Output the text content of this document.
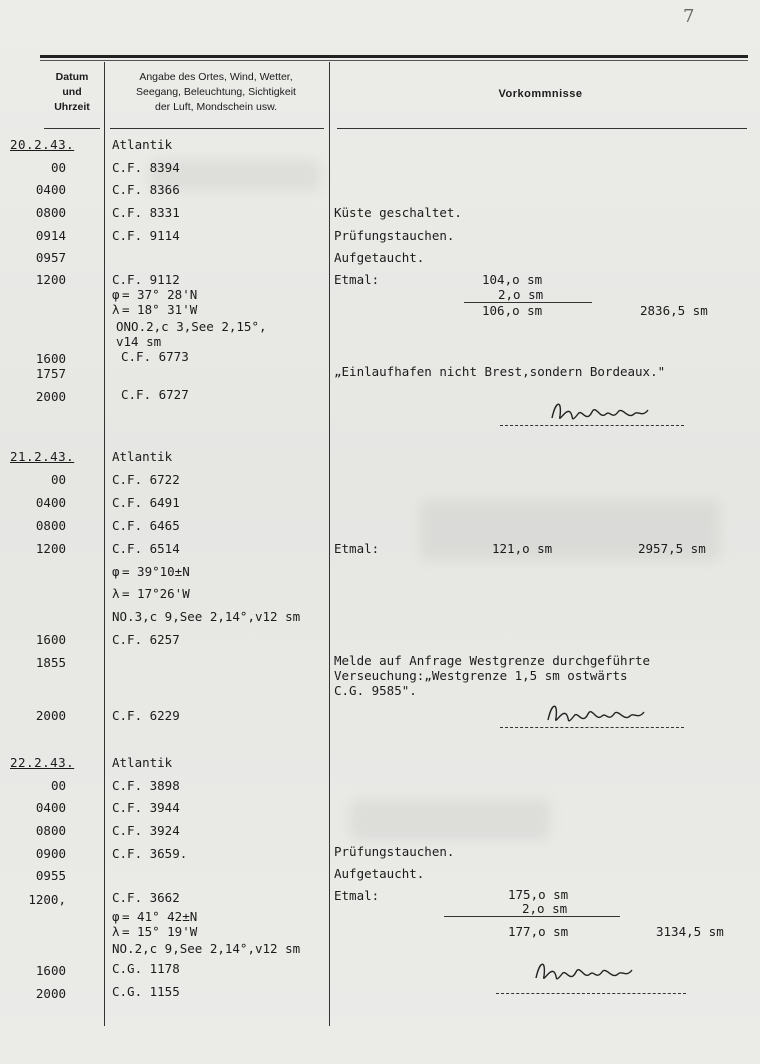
7
Datum
und
Uhrzeit
Angabe des Ortes, Wind, Wetter,
Seegang, Beleuchtung, Sichtigkeit
der Luft, Mondschein usw.
Vorkommnisse
20.2.43.	Atlantik
00	C.F. 8394
0400	C.F. 8366
0800	C.F. 8331	Küste geschaltet.
0914	C.F. 9114	Prüfungstauchen.
0957	Aufgetaucht.
1200	C.F. 9112	Etmal:	104,o sm
2,o sm
106,o sm	2836,5 sm
φ = 37° 28'N
λ = 18° 31'W
ONO.2,c 3,See 2,15°,
v14 sm
1600	C.F. 6773
1757	„Einlaufhafen nicht Brest,sondern Bordeaux."
2000	C.F. 6727
21.2.43.	Atlantik
00	C.F. 6722
0400	C.F. 6491
0800	C.F. 6465
1200	C.F. 6514	Etmal:	121,o sm	2957,5 sm
φ = 39°10±N
λ = 17°26'W
NO.3,c 9,See 2,14°,v12 sm
1600	C.F. 6257
1855	Melde auf Anfrage Westgrenze durchgeführte
Verseuchung:„Westgrenze 1,5 sm ostwärts
C.G. 9585".
2000	C.F. 6229
22.2.43.	Atlantik
00	C.F. 3898
0400	C.F. 3944
0800	C.F. 3924
0900	C.F. 3659.	Prüfungstauchen.
0955	Aufgetaucht.
1200,	C.F. 3662	Etmal:	175,o sm
2,o sm
177,o sm	3134,5 sm
φ = 41° 42±N
λ = 15° 19'W
NO.2,c 9,See 2,14°,v12 sm
1600	C.G. 1178
2000	C.G. 1155
